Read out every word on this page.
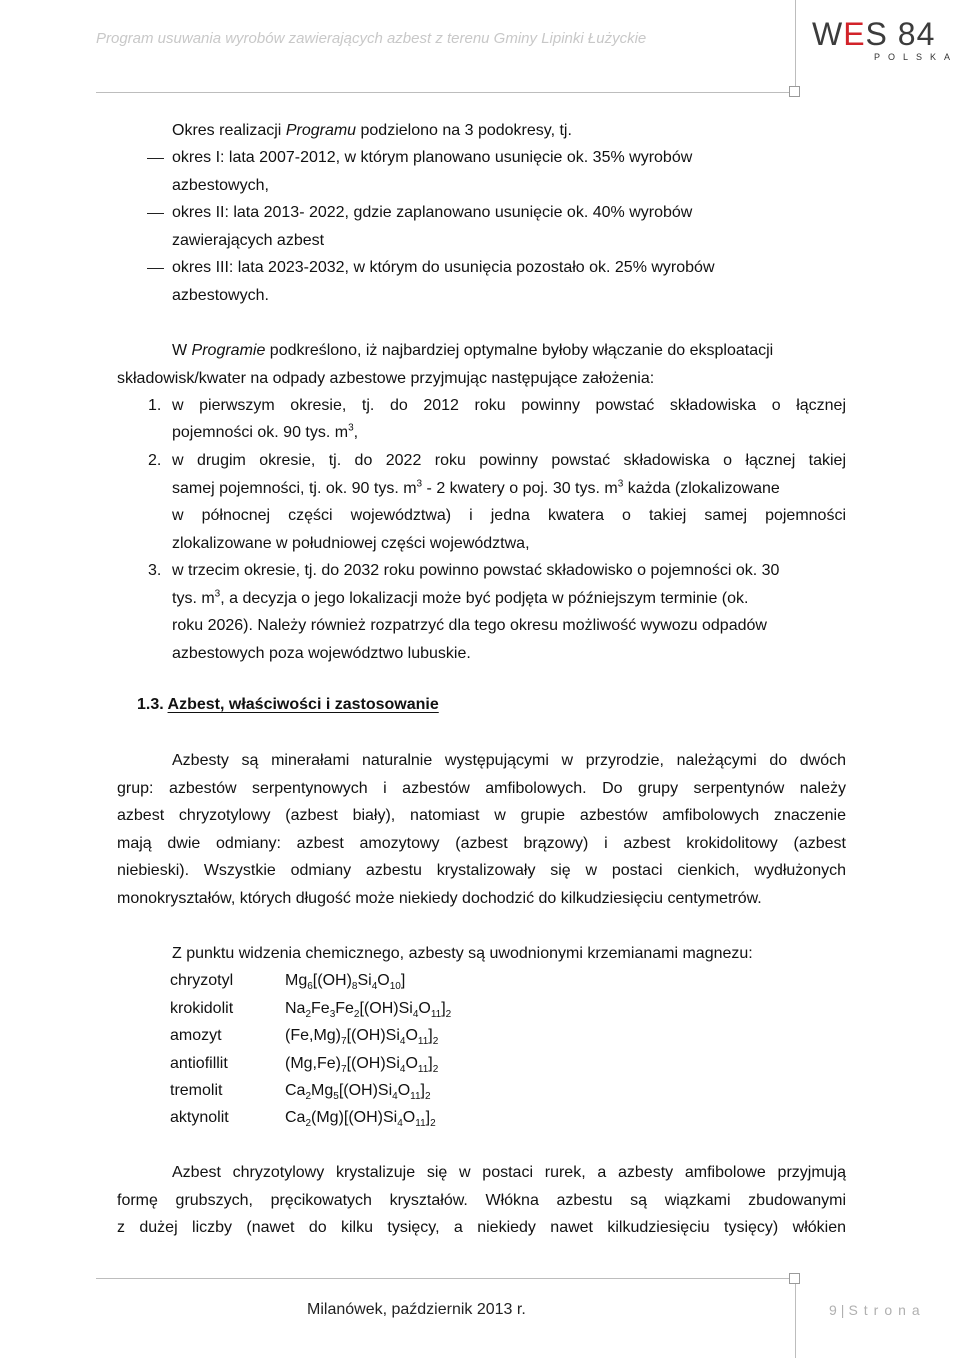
Program usuwania wyrobów zawierających azbest z terenu Gminy Lipinki Łużyckie	WES 84
POLSKA
Okres realizacji Programu podzielono na 3 podokresy, tj.
okres I: lata 2007-2012, w którym planowano usunięcie ok. 35% wyrobów
azbestowych,
okres II: lata 2013- 2022, gdzie zaplanowano usunięcie ok. 40% wyrobów
zawierających azbest
okres III: lata 2023-2032, w którym do usunięcia pozostało ok. 25% wyrobów
azbestowych.
W Programie podkreślono, iż najbardziej optymalne byłoby włączanie do eksploatacji
składowisk/kwater na odpady azbestowe przyjmując następujące założenia:
1. w pierwszym okresie, tj. do 2012 roku powinny powstać składowiska o łącznej
pojemności ok. 90 tys. $m^3$,
2. w drugim okresie, tj. do 2022 roku powinny powstać składowiska o łącznej takiej
samej pojemności, tj. ok. 90 tys. $m^3 - 2$ kwatery o poj. 30 tys. $m^3$ każda (zlokalizowane
w północnej części województwa) i jedna kwatera o takiej samej pojemności
zlokalizowane w południowej części województwa,
3. w trzecim okresie, tj. do 2032 roku powinno powstać składowisko o pojemności ok. 30
tys. $m^3$, a decyzja o jego lokalizacji może być podjęta w późniejszym terminie (ok.
roku 2026). Należy również rozpatrzyć dla tego okresu możliwość wywozu odpadów
azbestowych poza województwo lubuskie.
1.3. Azbest, właściwości i zastosowanie
Azbesty są minerałami naturalnie występującymi w przyrodzie, należącymi do dwóch
grup: azbestów serpentynowych i azbestów amfibolowych. Do grupy serpentynów należy
azbest chryzotylowy (azbest biały), natomiast w grupie azbestów amfibolowych znaczenie
mają dwie odmiany: azbest amozytowy (azbest brązowy) i azbest krokidolitowy (azbest
niebieski). Wszystkie odmiany azbestu krystalizowały się w postaci cienkich, wydłużonych
monokryształów, których długość może niekiedy dochodzić do kilkudziesięciu centymetrów.
Z punktu widzenia chemicznego, azbesty są uwodnionymi krzemianami magnezu:
chryzotyl	$Mg_6[(OH)_8Si_4O_{10}]$
krokidolit	$Na_2Fe_3Fe_2[(OH)Si_4O_{11}]_2$
amozyt	$(Fe,Mg)_7[(OH)Si_4O_{11}]_2$
antiofillit	$(Mg,Fe)_7[(OH)Si_4O_{11}]_2$
tremolit	$Ca_2Mg_5[(OH)Si_4O_{11}]_2$
aktynolit	$Ca_2(Mg)[(OH)Si_4O_{11}]_2$
Azbest chryzotylowy krystalizuje się w postaci rurek, a azbesty amfibolowe przyjmują
formę grubszych, pręcikowatych kryształów. Włókna azbestu są wiązkami zbudowanymi
z dużej liczby (nawet do kilku tysięcy, a niekiedy nawet kilkudziesięciu tysięcy) włókien
Milanówek, październik 2013 r.	9 | Strona
